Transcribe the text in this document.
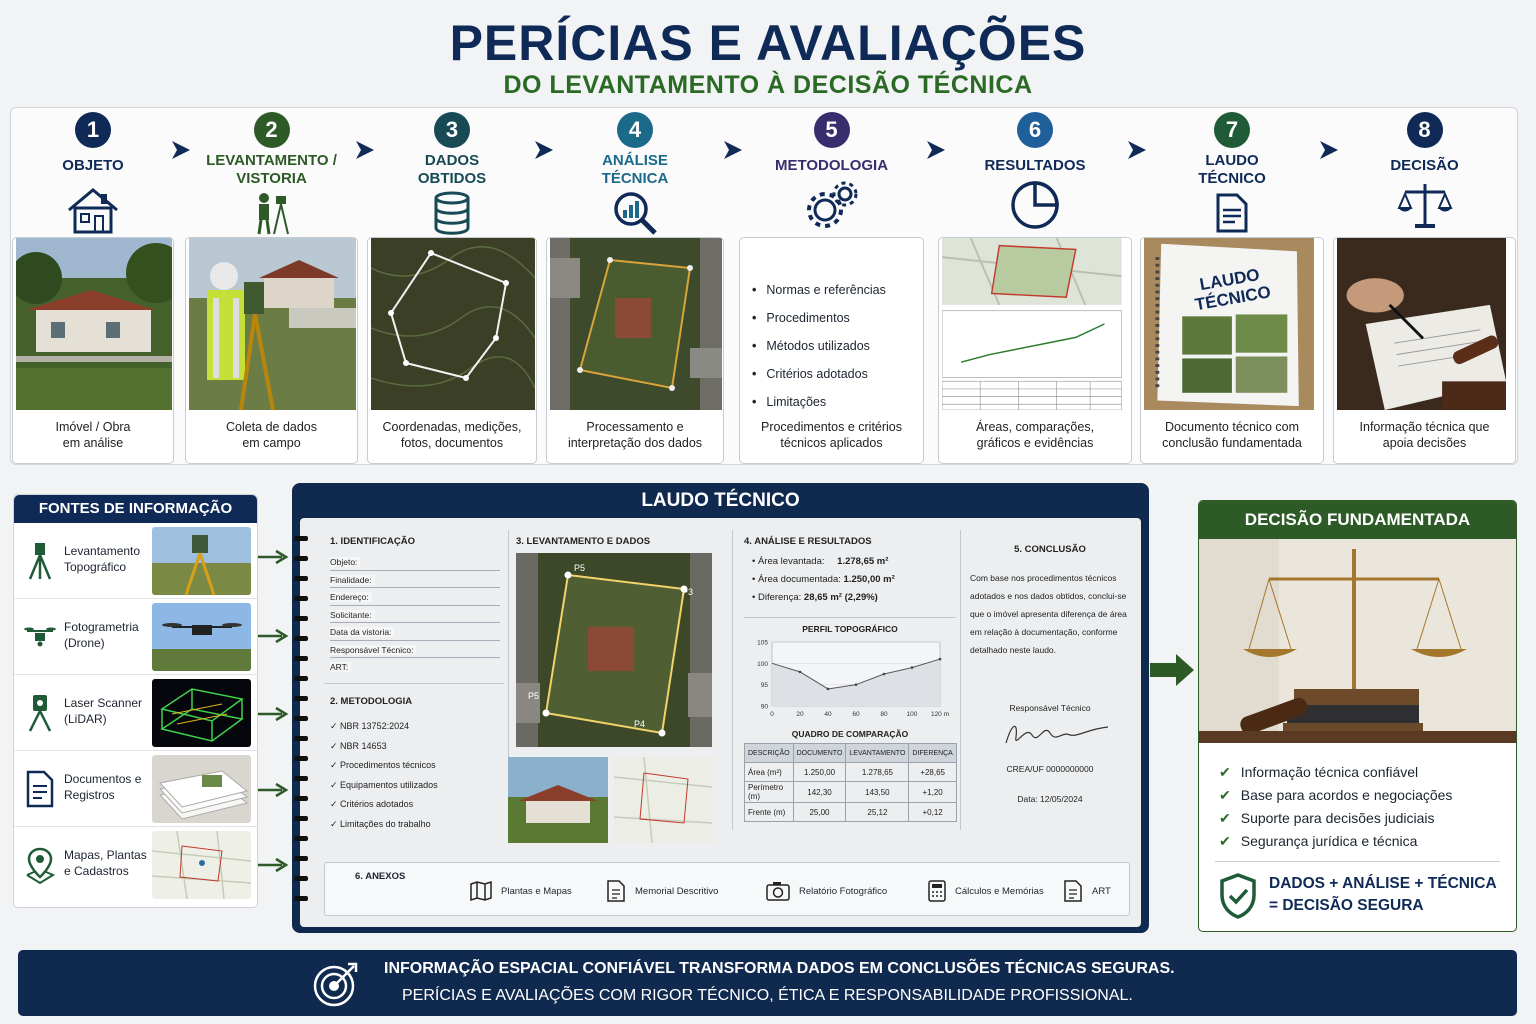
PERÍCIAS E AVALIAÇÕES
DO LEVANTAMENTO À DECISÃO TÉCNICA
1
OBJETO
Imóvel / Obra
em análise
2
LEVANTAMENTO /
VISTORIA
Coleta de dados
em campo
3
DADOS
OBTIDOS
Coordenadas, medições,
fotos, documentos
4
ANÁLISE
TÉCNICA
Processamento e
interpretação dos dados
5
METODOLOGIA
• Normas e referências
• Procedimentos
• Métodos utilizados
• Critérios adotados
• Limitações
Procedimentos e critérios
técnicos aplicados
6
RESULTADOS
Áreas, comparações,
gráficos e evidências
7
LAUDO
TÉCNICO
LAUDO
TÉCNICO
Documento técnico com
conclusão fundamentada
8
DECISÃO
Informação técnica que
apoia decisões
FONTES DE INFORMAÇÃO
Levantamento
Topográfico
Fotogrametria
(Drone)
Laser Scanner
(LiDAR)
Documentos e
Registros
Mapas, Plantas
e Cadastros
LAUDO TÉCNICO
1. IDENTIFICAÇÃO
Objeto:
Finalidade:
Endereço:
Solicitante:
Data da vistoria:
Responsável Técnico:
ART:
2. METODOLOGIA
✓ NBR 13752:2024
✓ NBR 14653
✓ Procedimentos técnicos
✓ Equipamentos utilizados
✓ Critérios adotados
✓ Limitações do trabalho
3. LEVANTAMENTO E DADOS
P5
P3
P5
P4
4. ANÁLISE E RESULTADOS
• Área levantada: 1.278,65 m²
• Área documentada: 1.250,00 m²
• Diferença: 28,65 m² (2,29%)
PERFIL TOPOGRÁFICO
90
95
100
105
0	20	40	60	80	100 120 m
QUADRO DE COMPARAÇÃO
DESCRIÇÃO	DOCUMENTO	LEVANTAMENTO	DIFERENÇA
Área (m²)	1.250,00	1.278,65	+28,65
Perímetro (m)	142,30	143,50	+1,20
Frente (m)	25,00	25,12	+0,12
5. CONCLUSÃO
Com base nos procedimentos técnicos adotados e nos dados obtidos, conclui-se que o imóvel apresenta diferença de área em relação à documentação, conforme detalhado neste laudo.
Responsável Técnico
CREA/UF 0000000000
Data: 12/05/2024
6. ANEXOS
Plantas e Mapas	Memorial Descritivo	Relatório Fotográfico	Cálculos e Memórias	ART
DECISÃO FUNDAMENTADA
✔ Informação técnica confiável
✔ Base para acordos e negociações
✔ Suporte para decisões judiciais
✔ Segurança jurídica e técnica
DADOS + ANÁLISE + TÉCNICA
= DECISÃO SEGURA
INFORMAÇÃO ESPACIAL CONFIÁVEL TRANSFORMA DADOS EM CONCLUSÕES TÉCNICAS SEGURAS.
PERÍCIAS E AVALIAÇÕES COM RIGOR TÉCNICO, ÉTICA E RESPONSABILIDADE PROFISSIONAL.
